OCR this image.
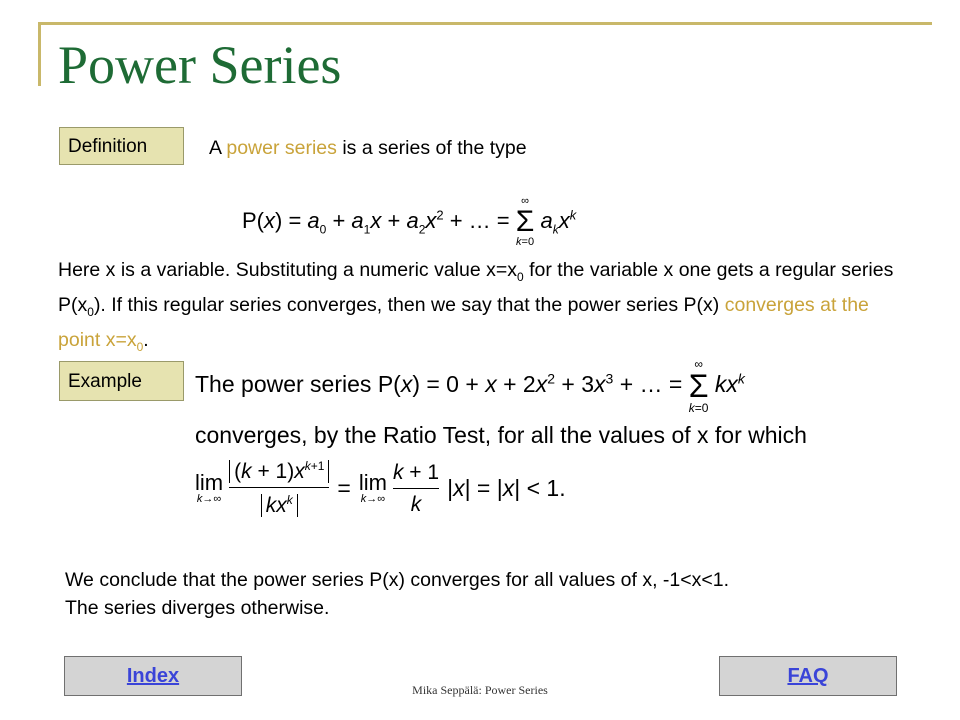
Power Series
Definition	A power series is a series of the type
$P(x) = a_0 + a_1x + a_2x^2$ + … =
∞
Σ
k=0
$a_kx^k$
Here x is a variable. Substituting a numeric value $x=x_0$ for the variable x one gets a regular series $P(x_0)$. If this regular series converges, then we say that the power series P(x) converges at the point $x=x_0$.
Example	The power series $P(x) = 0 + x + 2x^2 + 3x^3$ + … =
∞
Σ
k=0
$kx^k$
converges, by the Ratio Test, for all the values of x for which
lim
k→∞
$(k + 1)x^{k+1}$
$kx^k$	= lim
k→∞
k + 1
k
|x| = |x| < 1.
We conclude that the power series P(x) converges for all values of x, -1<x<1.
The series diverges otherwise.
Index	FAQ
Mika Seppälä: Power Series
